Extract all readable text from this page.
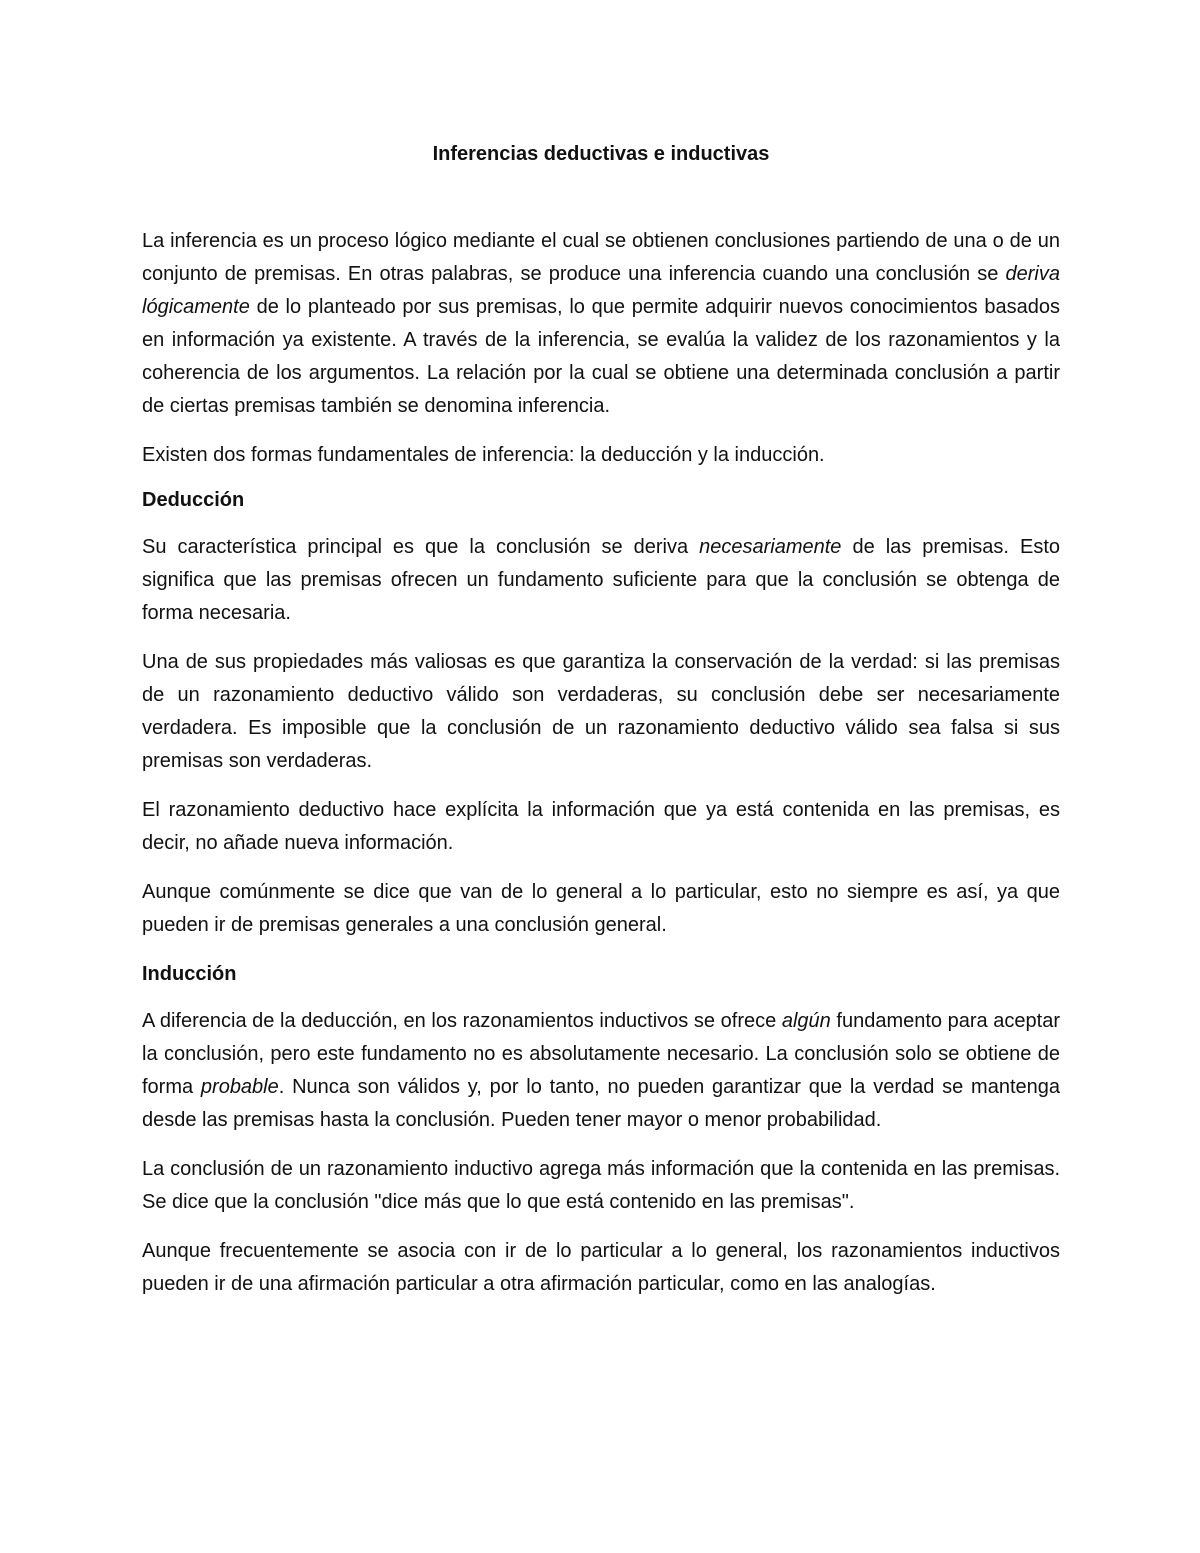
Inferencias deductivas e inductivas

La inferencia es un proceso lógico mediante el cual se obtienen conclusiones partiendo de una o de un conjunto de premisas. En otras palabras, se produce una inferencia cuando una conclusión se deriva lógicamente de lo planteado por sus premisas, lo que permite adquirir nuevos conocimientos basados en información ya existente. A través de la inferencia, se evalúa la validez de los razonamientos y la coherencia de los argumentos. La relación por la cual se obtiene una determinada conclusión a partir de ciertas premisas también se denomina inferencia.

Existen dos formas fundamentales de inferencia: la deducción y la inducción.

Deducción

Su característica principal es que la conclusión se deriva necesariamente de las premisas. Esto significa que las premisas ofrecen un fundamento suficiente para que la conclusión se obtenga de forma necesaria.

Una de sus propiedades más valiosas es que garantiza la conservación de la verdad: si las premisas de un razonamiento deductivo válido son verdaderas, su conclusión debe ser necesariamente verdadera. Es imposible que la conclusión de un razonamiento deductivo válido sea falsa si sus premisas son verdaderas.

El razonamiento deductivo hace explícita la información que ya está contenida en las premisas, es decir, no añade nueva información.

Aunque comúnmente se dice que van de lo general a lo particular, esto no siempre es así, ya que pueden ir de premisas generales a una conclusión general.

Inducción

A diferencia de la deducción, en los razonamientos inductivos se ofrece algún fundamento para aceptar la conclusión, pero este fundamento no es absolutamente necesario. La conclusión solo se obtiene de forma probable. Nunca son válidos y, por lo tanto, no pueden garantizar que la verdad se mantenga desde las premisas hasta la conclusión. Pueden tener mayor o menor probabilidad.

La conclusión de un razonamiento inductivo agrega más información que la contenida en las premisas. Se dice que la conclusión "dice más que lo que está contenido en las premisas".

Aunque frecuentemente se asocia con ir de lo particular a lo general, los razonamientos inductivos pueden ir de una afirmación particular a otra afirmación particular, como en las analogías.
